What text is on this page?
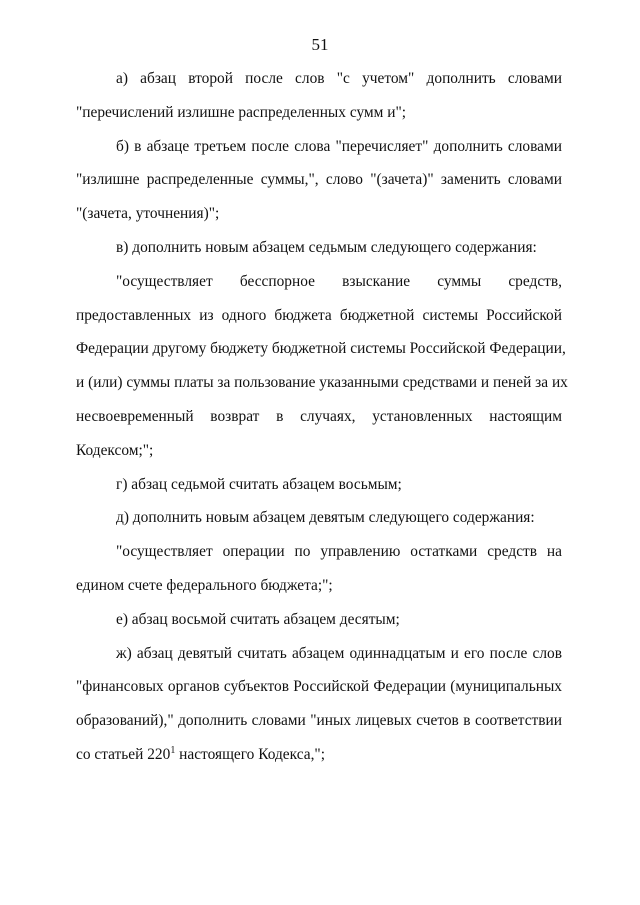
51
а) абзац второй после слов "с учетом" дополнить словами
"перечислений излишне распределенных сумм и";
б) в абзаце третьем после слова "перечисляет" дополнить словами
"излишне распределенные суммы,", слово "(зачета)" заменить словами
"(зачета, уточнения)";
в) дополнить новым абзацем седьмым следующего содержания:
"осуществляет бесспорное взыскание суммы средств,
предоставленных из одного бюджета бюджетной системы Российской
Федерации другому бюджету бюджетной системы Российской Федерации,
и (или) суммы платы за пользование указанными средствами и пеней за их
несвоевременный возврат в случаях, установленных настоящим
Кодексом;";
г) абзац седьмой считать абзацем восьмым;
д) дополнить новым абзацем девятым следующего содержания:
"осуществляет операции по управлению остатками средств на
едином счете федерального бюджета;";
е) абзац восьмой считать абзацем десятым;
ж) абзац девятый считать абзацем одиннадцатым и его после слов
"финансовых органов субъектов Российской Федерации (муниципальных
образований)," дополнить словами "иных лицевых счетов в соответствии
со статьей $220^1$ настоящего Кодекса,";
